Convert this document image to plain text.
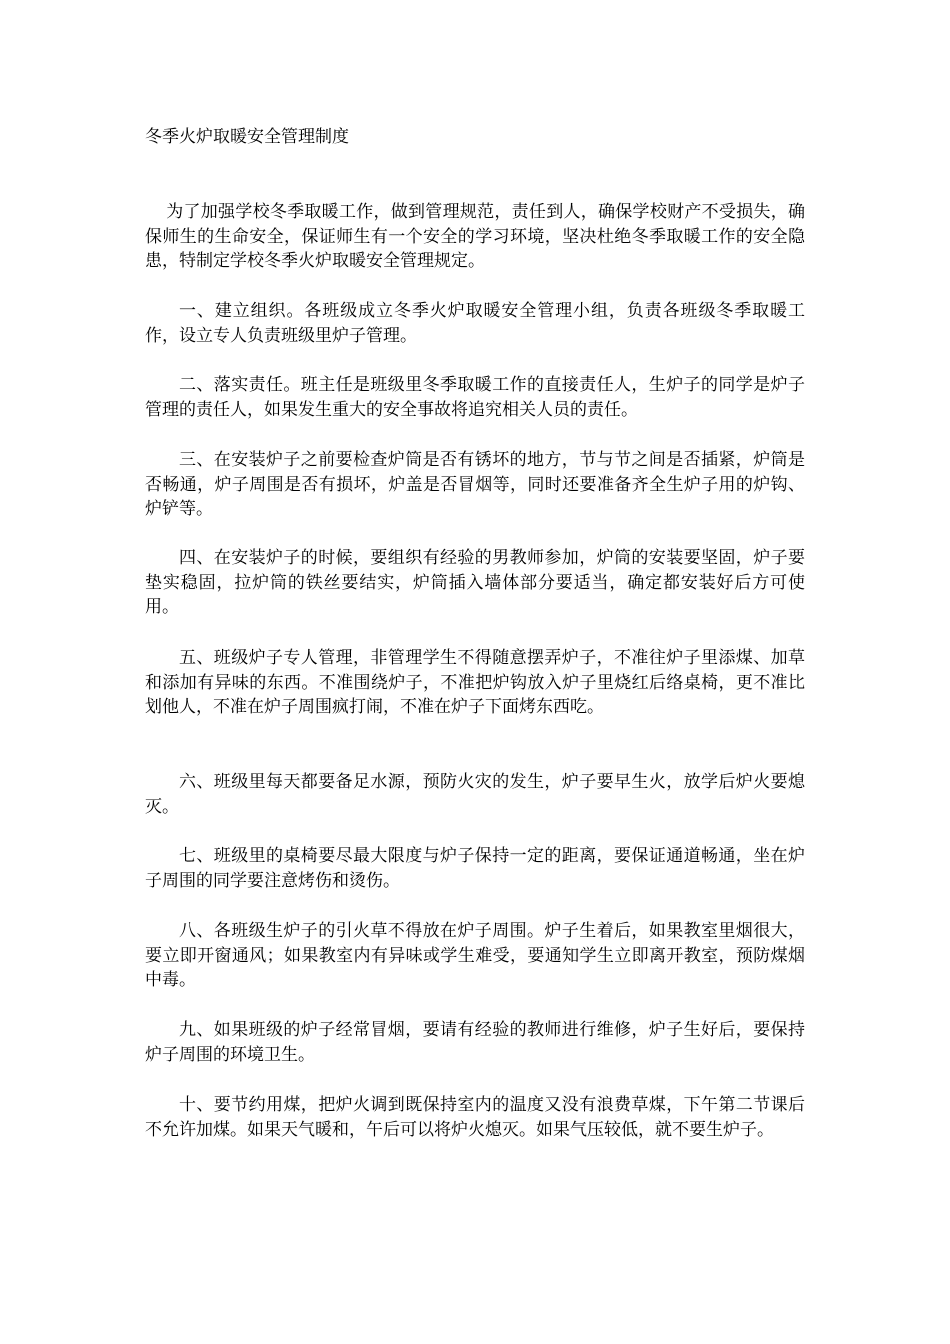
冬季火炉取暖安全管理制度

为了加强学校冬季取暖工作，做到管理规范，责任到人，确保学校财产不受损失，确保师生的生命安全，保证师生有一个安全的学习环境，坚决杜绝冬季取暖工作的安全隐患，特制定学校冬季火炉取暖安全管理规定。

一、建立组织。各班级成立冬季火炉取暖安全管理小组，负责各班级冬季取暖工作，设立专人负责班级里炉子管理。

二、落实责任。班主任是班级里冬季取暖工作的直接责任人，生炉子的同学是炉子管理的责任人，如果发生重大的安全事故将追究相关人员的责任。

三、在安装炉子之前要检查炉筒是否有锈坏的地方，节与节之间是否插紧，炉筒是否畅通，炉子周围是否有损坏，炉盖是否冒烟等，同时还要准备齐全生炉子用的炉钩、炉铲等。

四、在安装炉子的时候，要组织有经验的男教师参加，炉筒的安装要坚固，炉子要垫实稳固，拉炉筒的铁丝要结实，炉筒插入墙体部分要适当，确定都安装好后方可使用。

五、班级炉子专人管理，非管理学生不得随意摆弄炉子，不准往炉子里添煤、加草和添加有异味的东西。不准围绕炉子，不准把炉钩放入炉子里烧红后络桌椅，更不准比划他人，不准在炉子周围疯打闹，不准在炉子下面烤东西吃。

六、班级里每天都要备足水源，预防火灾的发生，炉子要早生火，放学后炉火要熄灭。

七、班级里的桌椅要尽最大限度与炉子保持一定的距离，要保证通道畅通，坐在炉子周围的同学要注意烤伤和烫伤。

八、各班级生炉子的引火草不得放在炉子周围。炉子生着后，如果教室里烟很大，要立即开窗通风；如果教室内有异味或学生难受，要通知学生立即离开教室，预防煤烟中毒。

九、如果班级的炉子经常冒烟，要请有经验的教师进行维修，炉子生好后，要保持炉子周围的环境卫生。

十、要节约用煤，把炉火调到既保持室内的温度又没有浪费草煤，下午第二节课后不允许加煤。如果天气暖和，午后可以将炉火熄灭。如果气压较低，就不要生炉子。
